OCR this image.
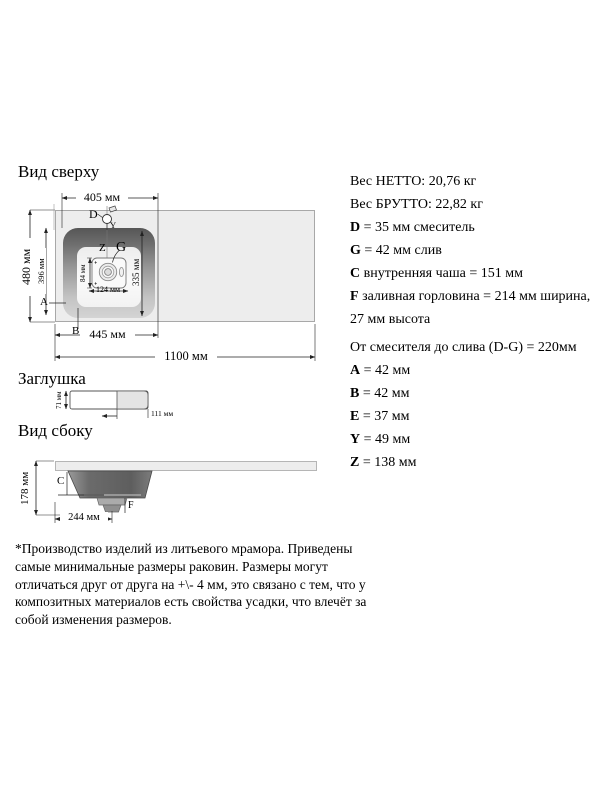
Вид сверху
Заглушка
Вид сбоку
405 мм
480 мм 396 мм	335 мм
84 мм
124 мм
445 мм
1100 мм
D
Y
Z G
A
B
71 мм
111 мм
178 мм C
F
244 мм
Вес НЕТТО: 20,76 кг
Вес БРУТТО: 22,82 кг
D = 35 мм смеситель
G = 42 мм слив
C внутренняя чаша = 151 мм
F заливная горловина = 214 мм ширина,
27 мм высота
От смесителя до слива (D-G) = 220мм
A = 42 мм
B = 42 мм
E = 37 мм
Y = 49 мм
Z = 138 мм
*Производство изделий из литьевого мрамора. Приведены самые минимальные размеры раковин. Размеры могут отличаться друг от друга на +\- 4 мм, это связано с тем, что у композитных материалов есть свойства усадки, что влечёт за собой изменения размеров.
